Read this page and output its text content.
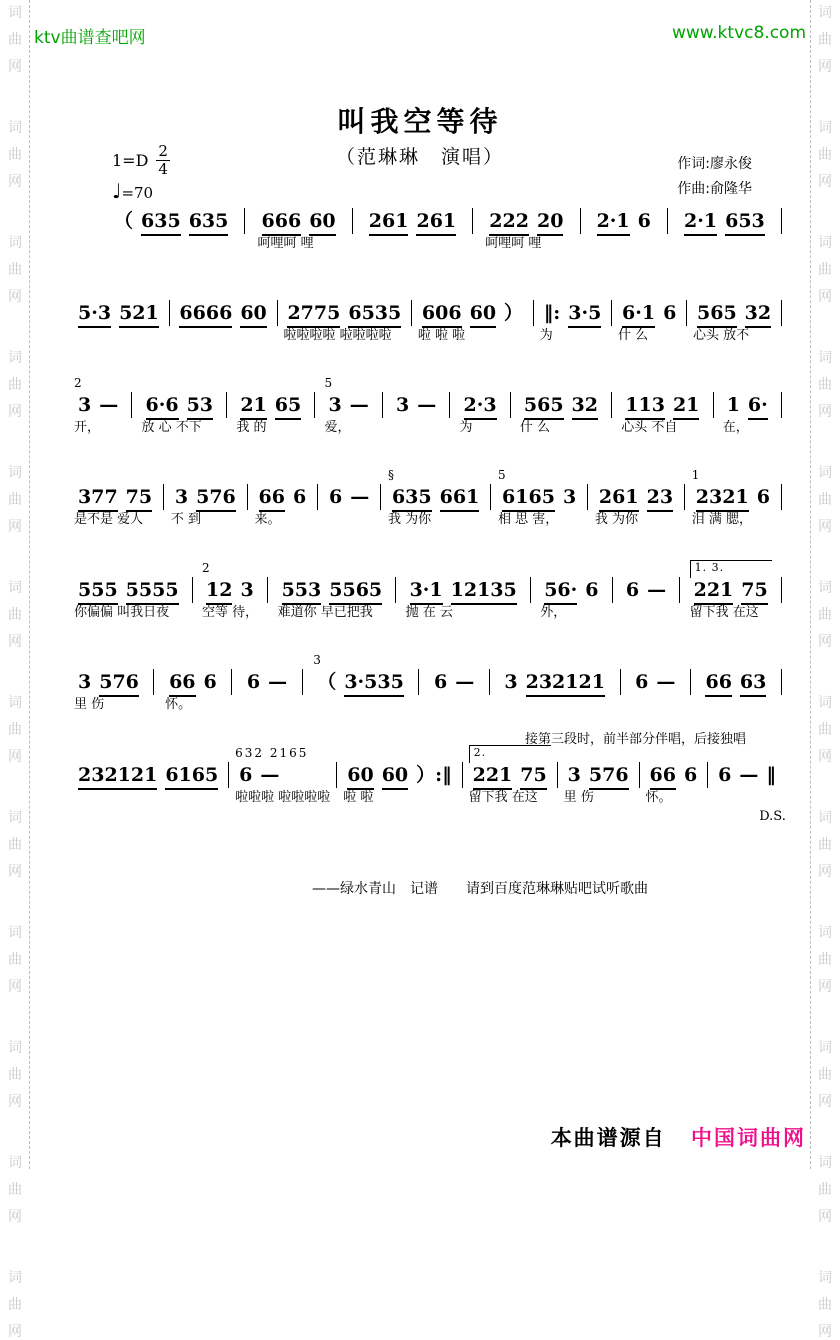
词
曲
网
词
曲
网
词
曲
网
词
曲
网
词
曲
网
词
曲
网
词
曲
网
词
曲
网
词
曲
网
词
曲
网
词
曲
网
词
曲
网
词
曲
网
词
曲
网
词
曲
网
词
曲
网
词
曲
网
词
曲
网
词
曲
网
词
曲
网
词
曲
网
词
曲
网
词
曲
网
词
曲
网
ktv曲谱查吧网	www.ktvc8.com
叫我空等待
（范琳琳　演唱）	作词:廖永俊
作曲:俞隆华
$1=D \frac{2}{4}$
♩=70
（ 635 635 666 60
呵哩呵 哩
261 261 222 20
呵哩呵 哩
2·1 6 2·1 653
5·3 521 6666 60 2775 6535
啦啦啦啦 啦啦啦啦
606 60 ）
啦 啦 啦
‖: 3·5
为
6·1 6
什 么
565 32
心头 放不
2
3 —
开，
6·6 53
放 心 不下
21 65
我 的
5
3 —
爱，
3 — 2·3
为
565 32
什 么
113 21
心头 不自
1 6·
在，
377 75
是不是 爱人
3 576
不 到
66 6
来。
6 —
§
635 661
我 为你
5
6165 3
相 思 害，
261 23
我 为你
1
2321 6
泪 满 腮，
555 5555
你偏偏 叫我日夜
2
12 3
空等 待，
553 5565
难道你 早已把我
3·1 12135
抛 在 云
56· 6
外，
6 —
1. 3.
221 75
留下我 在这
3 576
里 伤
66 6
怀。
6 —
3
（ 3·535 6 — 3 232121 6 — 66 63
接第三段时，前半部分伴唱，后接独唱
232121 6165
632 2165
6 —
啦啦啦 啦啦啦啦
60 60 ）:‖
啦 啦
2.
221 75
留下我 在这
3 576
里 伤
66 6
怀。
6 — ‖
D.S.
——绿水青山　记谱　　请到百度范琳琳贴吧试听歌曲
本曲谱源自 中国词曲网
